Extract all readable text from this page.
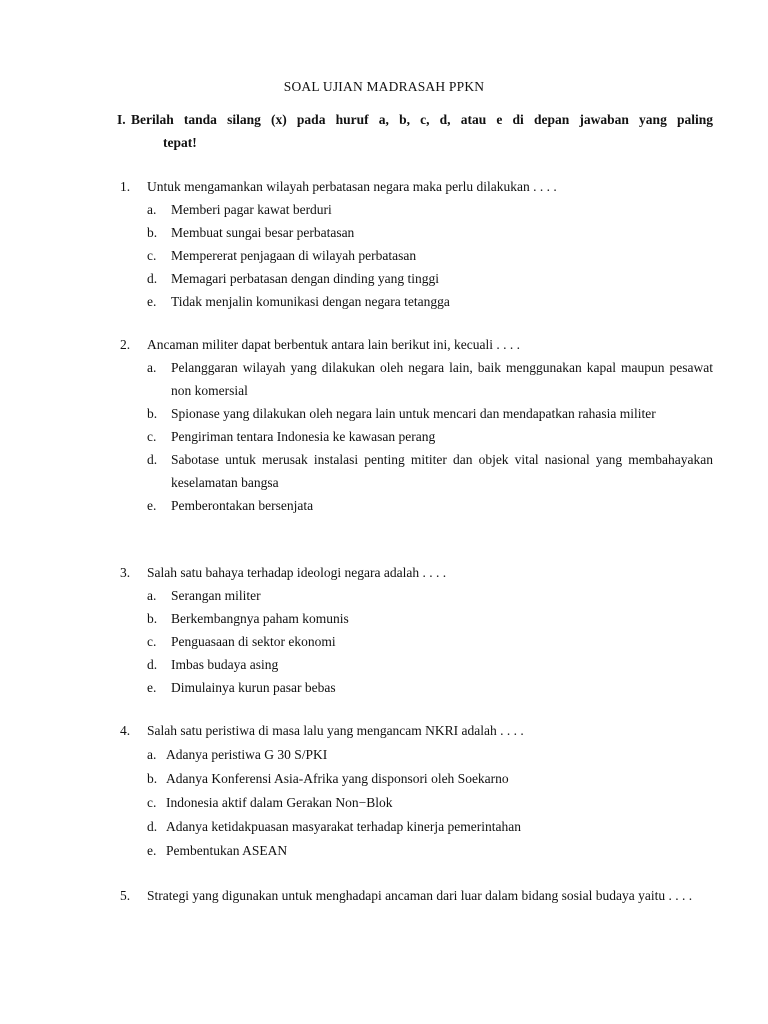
SOAL UJIAN MADRASAH PPKN
I. Berilah tanda silang (x) pada huruf a, b, c, d, atau e di depan jawaban yang paling
tepat!
1. Untuk mengamankan wilayah perbatasan negara maka perlu dilakukan . . . .
a. Memberi pagar kawat berduri
b. Membuat sungai besar perbatasan
c. Mempererat penjagaan di wilayah perbatasan
d. Memagari perbatasan dengan dinding yang tinggi
e. Tidak menjalin komunikasi dengan negara tetangga
2. Ancaman militer dapat berbentuk antara lain berikut ini, kecuali . . . .
a. Pelanggaran wilayah yang dilakukan oleh negara lain, baik menggunakan kapal maupun pesawat non komersial
b. Spionase yang dilakukan oleh negara lain untuk mencari dan mendapatkan rahasia militer
c. Pengiriman tentara Indonesia ke kawasan perang
d. Sabotase untuk merusak instalasi penting mititer dan objek vital nasional yang membahayakan keselamatan bangsa
e. Pemberontakan bersenjata
3. Salah satu bahaya terhadap ideologi negara adalah . . . .
a. Serangan militer
b. Berkembangnya paham komunis
c. Penguasaan di sektor ekonomi
d. Imbas budaya asing
e. Dimulainya kurun pasar bebas
4. Salah satu peristiwa di masa lalu yang mengancam NKRI adalah . . . .
a. Adanya peristiwa G 30 S/PKI
b. Adanya Konferensi Asia-Afrika yang disponsori oleh Soekarno
c. Indonesia aktif dalam Gerakan Non−Blok
d. Adanya ketidakpuasan masyarakat terhadap kinerja pemerintahan
e. Pembentukan ASEAN
5. Strategi yang digunakan untuk menghadapi ancaman dari luar dalam bidang sosial budaya yaitu . . . .
